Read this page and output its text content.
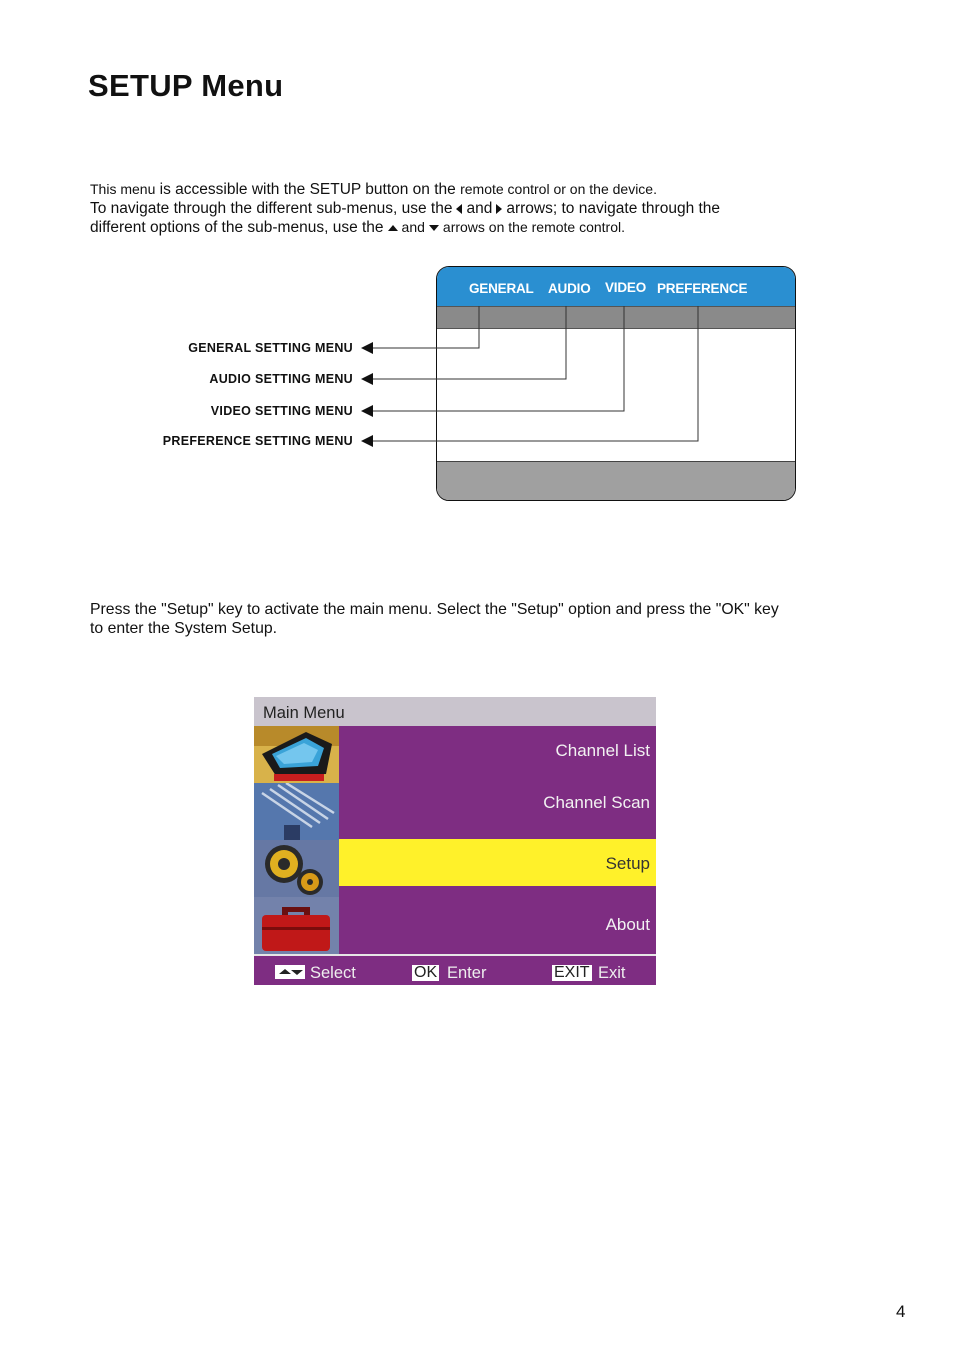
SETUP Menu
This menu is accessible with the SETUP button on the remote control or on the device.
To navigate through the different sub-menus, use the and arrows; to navigate through the
different options of the sub-menus, use the and arrows on the remote control.
GENERAL AUDIO VIDEO PREFERENCE
GENERAL SETTING MENU
AUDIO SETTING MENU
VIDEO SETTING MENU
PREFERENCE SETTING MENU
Press the "Setup" key to activate the main menu. Select the "Setup" option and press the "OK" key
to enter the System Setup.
Main Menu
Channel List
Channel Scan
Setup
About
Select	OK Enter	EXIT Exit
4
